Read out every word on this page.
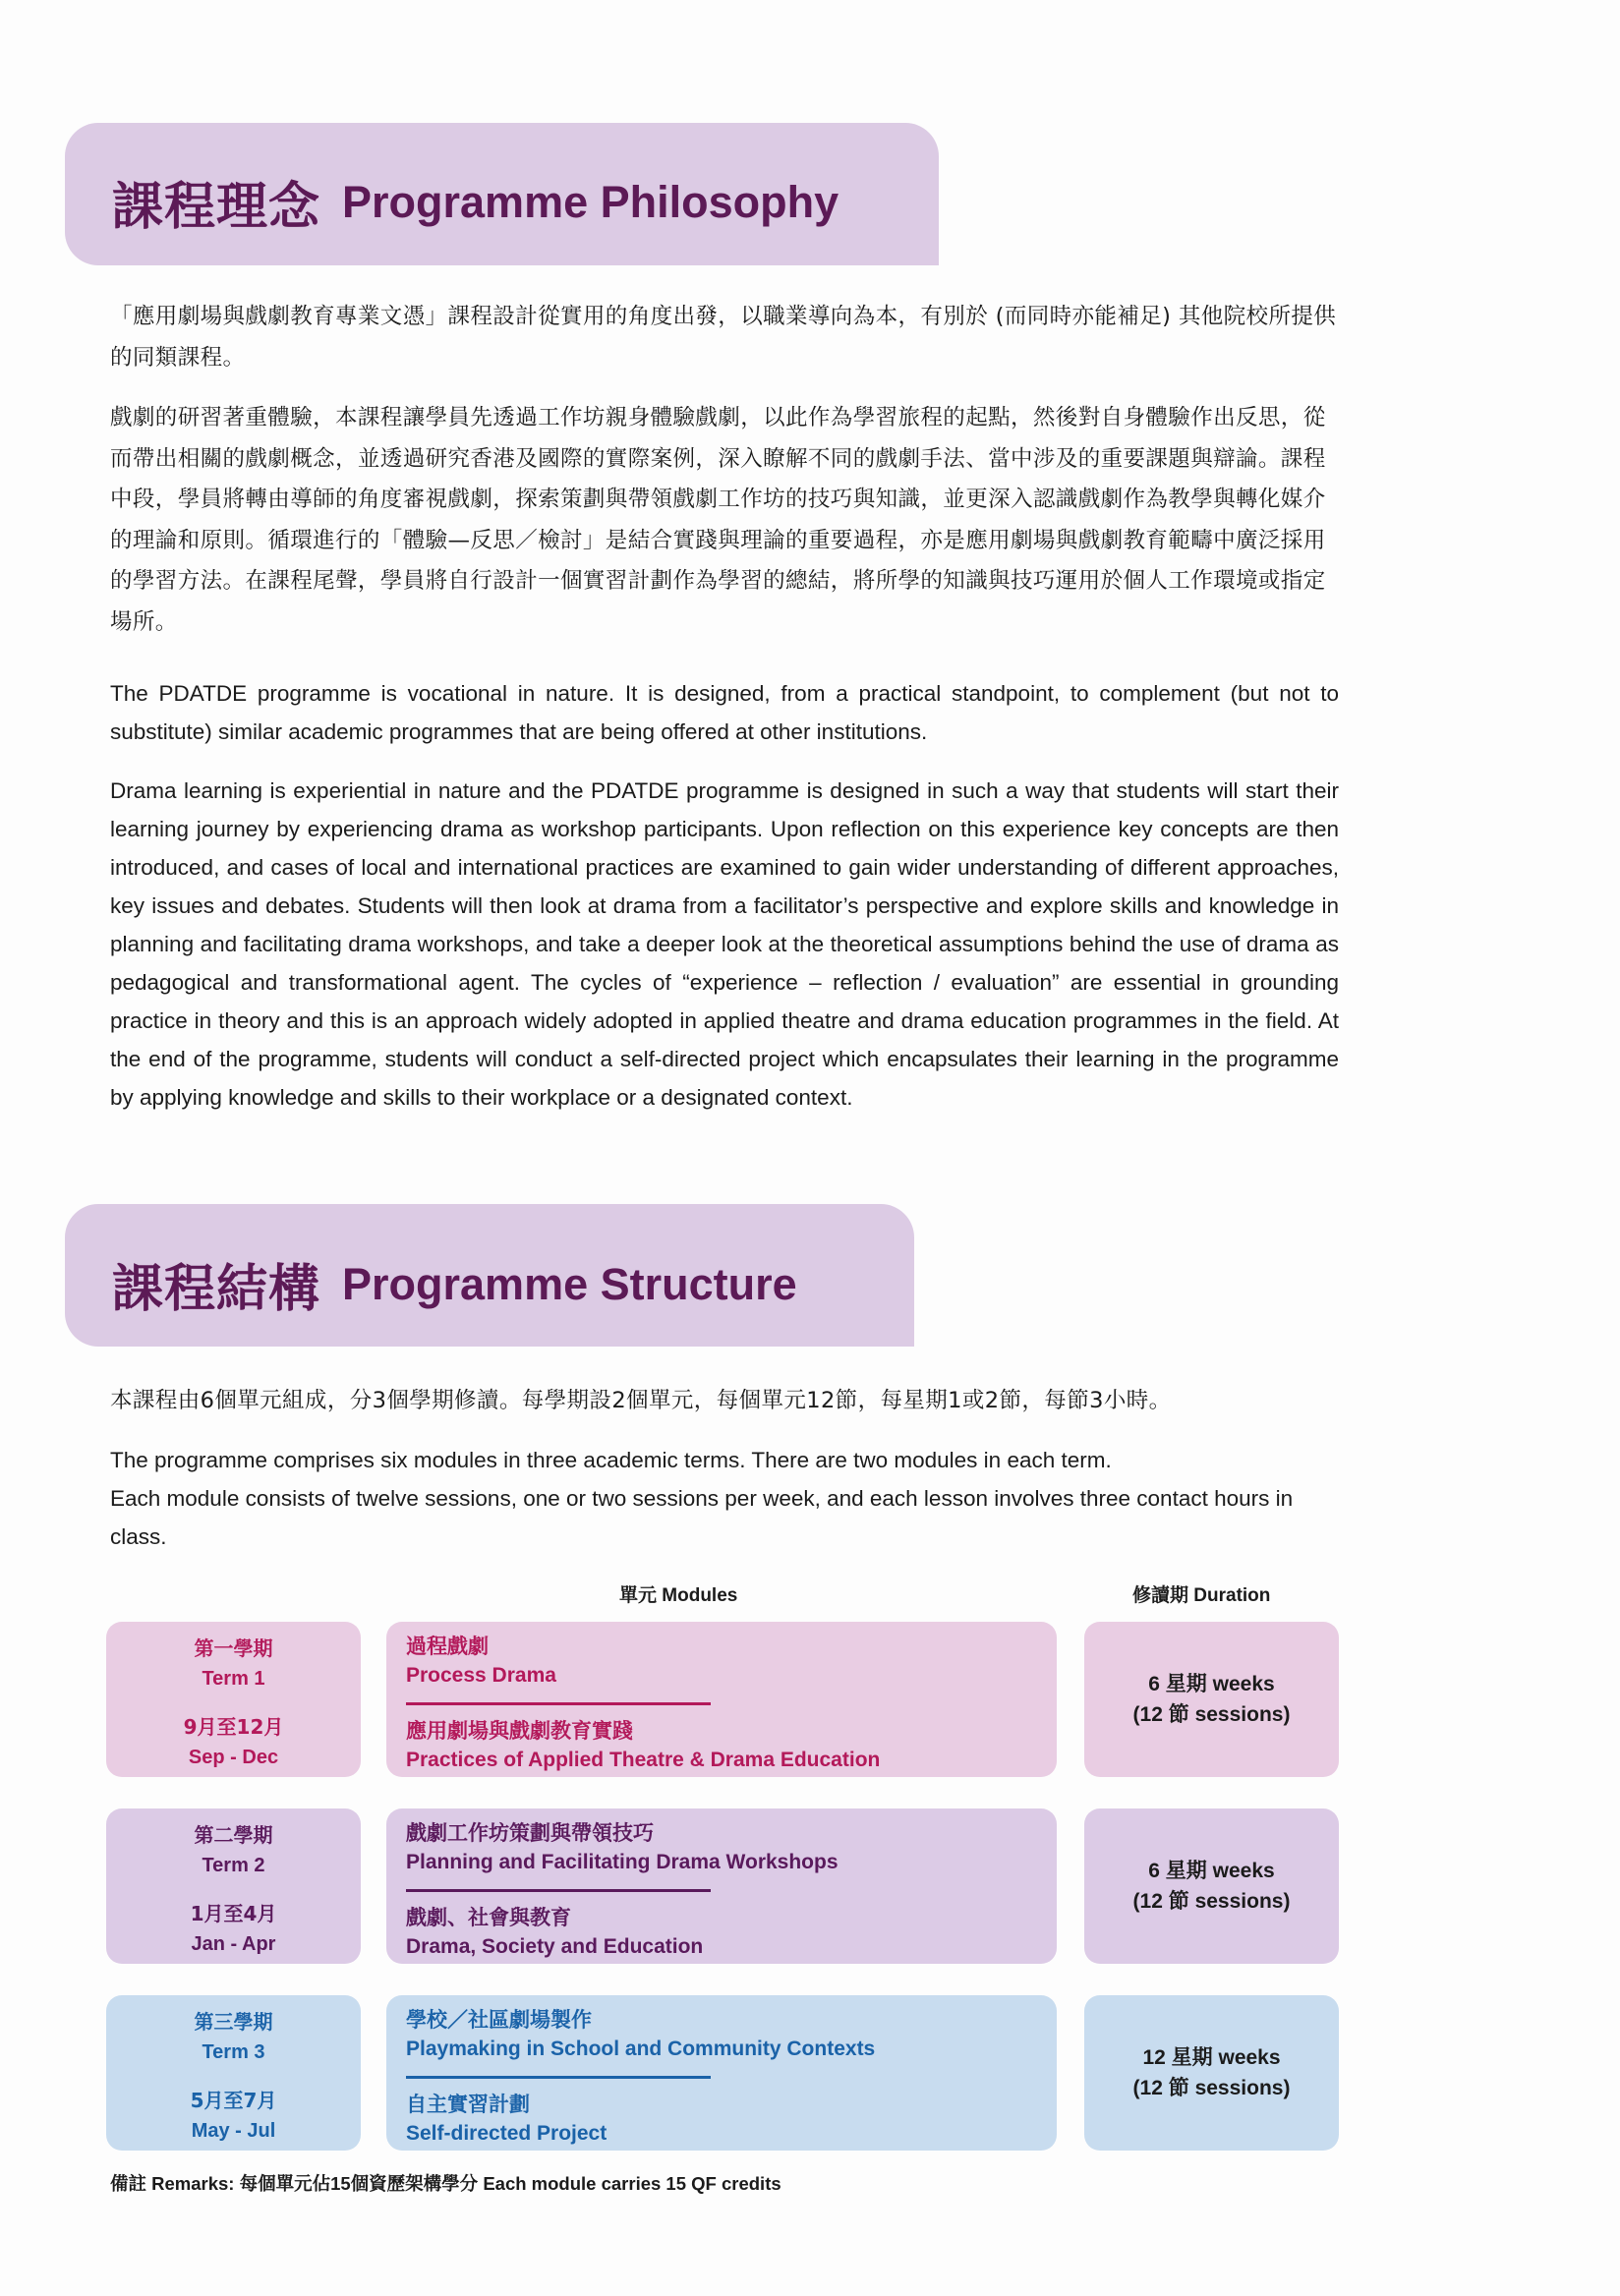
課程理念 Programme Philosophy

「應用劇場與戲劇教育專業文憑」課程設計從實用的角度出發，以職業導向為本，有別於 (而同時亦能補足) 其他院校所提供的同類課程。

戲劇的研習著重體驗，本課程讓學員先透過工作坊親身體驗戲劇，以此作為學習旅程的起點，然後對自身體驗作出反思，從而帶出相關的戲劇概念，並透過研究香港及國際的實際案例，深入瞭解不同的戲劇手法、當中涉及的重要課題與辯論。課程中段，學員將轉由導師的角度審視戲劇，探索策劃與帶領戲劇工作坊的技巧與知識，並更深入認識戲劇作為教學與轉化媒介的理論和原則。循環進行的「體驗—反思／檢討」是結合實踐與理論的重要過程，亦是應用劇場與戲劇教育範疇中廣泛採用的學習方法。在課程尾聲，學員將自行設計一個實習計劃作為學習的總結，將所學的知識與技巧運用於個人工作環境或指定場所。

The PDATDE programme is vocational in nature. It is designed, from a practical standpoint, to complement (but not to substitute) similar academic programmes that are being offered at other institutions.

Drama learning is experiential in nature and the PDATDE programme is designed in such a way that students will start their learning journey by experiencing drama as workshop participants. Upon reflection on this experience key concepts are then introduced, and cases of local and international practices are examined to gain wider understanding of different approaches, key issues and debates. Students will then look at drama from a facilitator’s perspective and explore skills and knowledge in planning and facilitating drama workshops, and take a deeper look at the theoretical assumptions behind the use of drama as pedagogical and transformational agent. The cycles of “experience – reflection / evaluation” are essential in grounding practice in theory and this is an approach widely adopted in applied theatre and drama education programmes in the field. At the end of the programme, students will conduct a self-directed project which encapsulates their learning in the programme by applying knowledge and skills to their workplace or a designated context.

課程結構 Programme Structure

本課程由6個單元組成，分3個學期修讀。每學期設2個單元，每個單元12節，每星期1或2節，每節3小時。

The programme comprises six modules in three academic terms. There are two modules in each term.
Each module consists of twelve sessions, one or two sessions per week, and each lesson involves three contact hours in class.
單元 Modules	修讀期 Duration
第一學期
Term 1
9月至12月
Sep - Dec
過程戲劇
Process Drama
應用劇場與戲劇教育實踐
Practices of Applied Theatre & Drama Education
6 星期 weeks
(12 節 sessions)
第二學期
Term 2
1月至4月
Jan - Apr
戲劇工作坊策劃與帶領技巧
Planning and Facilitating Drama Workshops
戲劇、社會與教育
Drama, Society and Education
6 星期 weeks
(12 節 sessions)
第三學期
Term 3
5月至7月
May - Jul
學校／社區劇場製作
Playmaking in School and Community Contexts
自主實習計劃
Self-directed Project
12 星期 weeks
(12 節 sessions)
備註 Remarks: 每個單元佔15個資歷架構學分 Each module carries 15 QF credits
